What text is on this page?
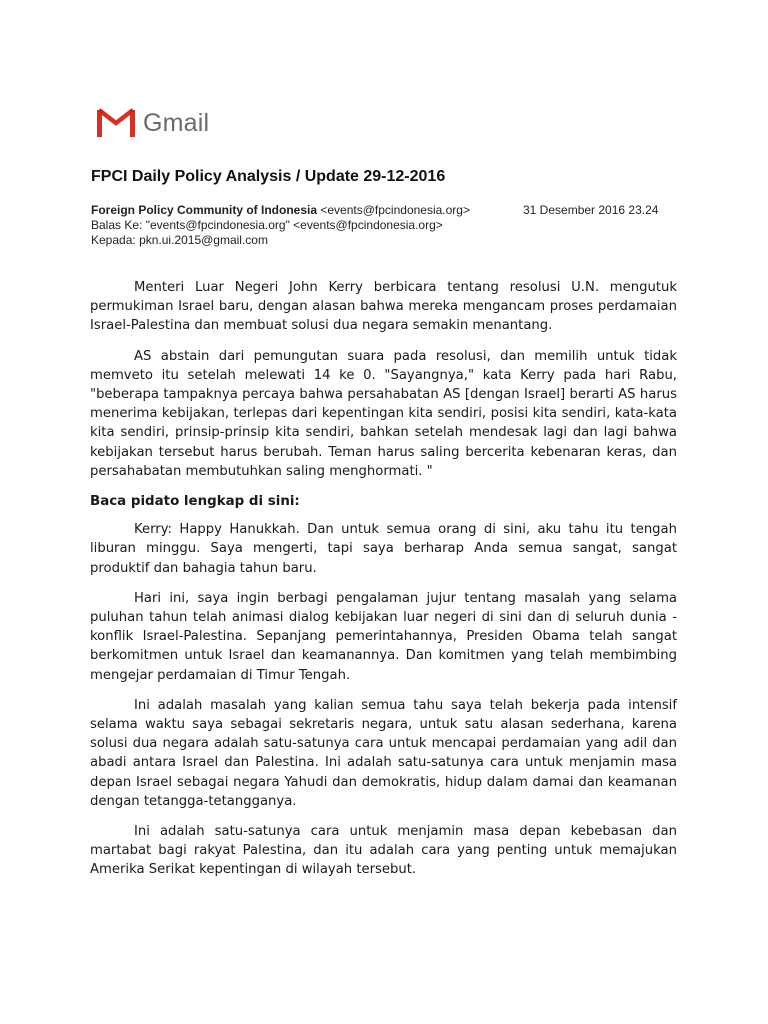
Gmail
FPCI Daily Policy Analysis / Update 29-12-2016
Foreign Policy Community of Indonesia <events@fpcindonesia.org>	31 Desember 2016 23.24
Balas Ke: "events@fpcindonesia.org" <events@fpcindonesia.org>
Kepada: pkn.ui.2015@gmail.com

Menteri Luar Negeri John Kerry berbicara tentang resolusi U.N. mengutuk permukiman Israel baru, dengan alasan bahwa mereka mengancam proses perdamaian Israel-Palestina dan membuat solusi dua negara semakin menantang.

AS abstain dari pemungutan suara pada resolusi, dan memilih untuk tidak memveto itu setelah melewati 14 ke 0. "Sayangnya," kata Kerry pada hari Rabu, "beberapa tampaknya percaya bahwa persahabatan AS [dengan Israel] berarti AS harus menerima kebijakan, terlepas dari kepentingan kita sendiri, posisi kita sendiri, kata-kata kita sendiri, prinsip-prinsip kita sendiri, bahkan setelah mendesak lagi dan lagi bahwa kebijakan tersebut harus berubah. Teman harus saling bercerita kebenaran keras, dan persahabatan membutuhkan saling menghormati. "

Baca pidato lengkap di sini:

Kerry: Happy Hanukkah. Dan untuk semua orang di sini, aku tahu itu tengah liburan minggu. Saya mengerti, tapi saya berharap Anda semua sangat, sangat produktif dan bahagia tahun baru.

Hari ini, saya ingin berbagi pengalaman jujur tentang masalah yang selama puluhan tahun telah animasi dialog kebijakan luar negeri di sini dan di seluruh dunia - konflik Israel-Palestina. Sepanjang pemerintahannya, Presiden Obama telah sangat berkomitmen untuk Israel dan keamanannya. Dan komitmen yang telah membimbing mengejar perdamaian di Timur Tengah.

Ini adalah masalah yang kalian semua tahu saya telah bekerja pada intensif selama waktu saya sebagai sekretaris negara, untuk satu alasan sederhana, karena solusi dua negara adalah satu-satunya cara untuk mencapai perdamaian yang adil dan abadi antara Israel dan Palestina. Ini adalah satu-satunya cara untuk menjamin masa depan Israel sebagai negara Yahudi dan demokratis, hidup dalam damai dan keamanan dengan tetangga-tetangganya.

Ini adalah satu-satunya cara untuk menjamin masa depan kebebasan dan martabat bagi rakyat Palestina, dan itu adalah cara yang penting untuk memajukan Amerika Serikat kepentingan di wilayah tersebut.
